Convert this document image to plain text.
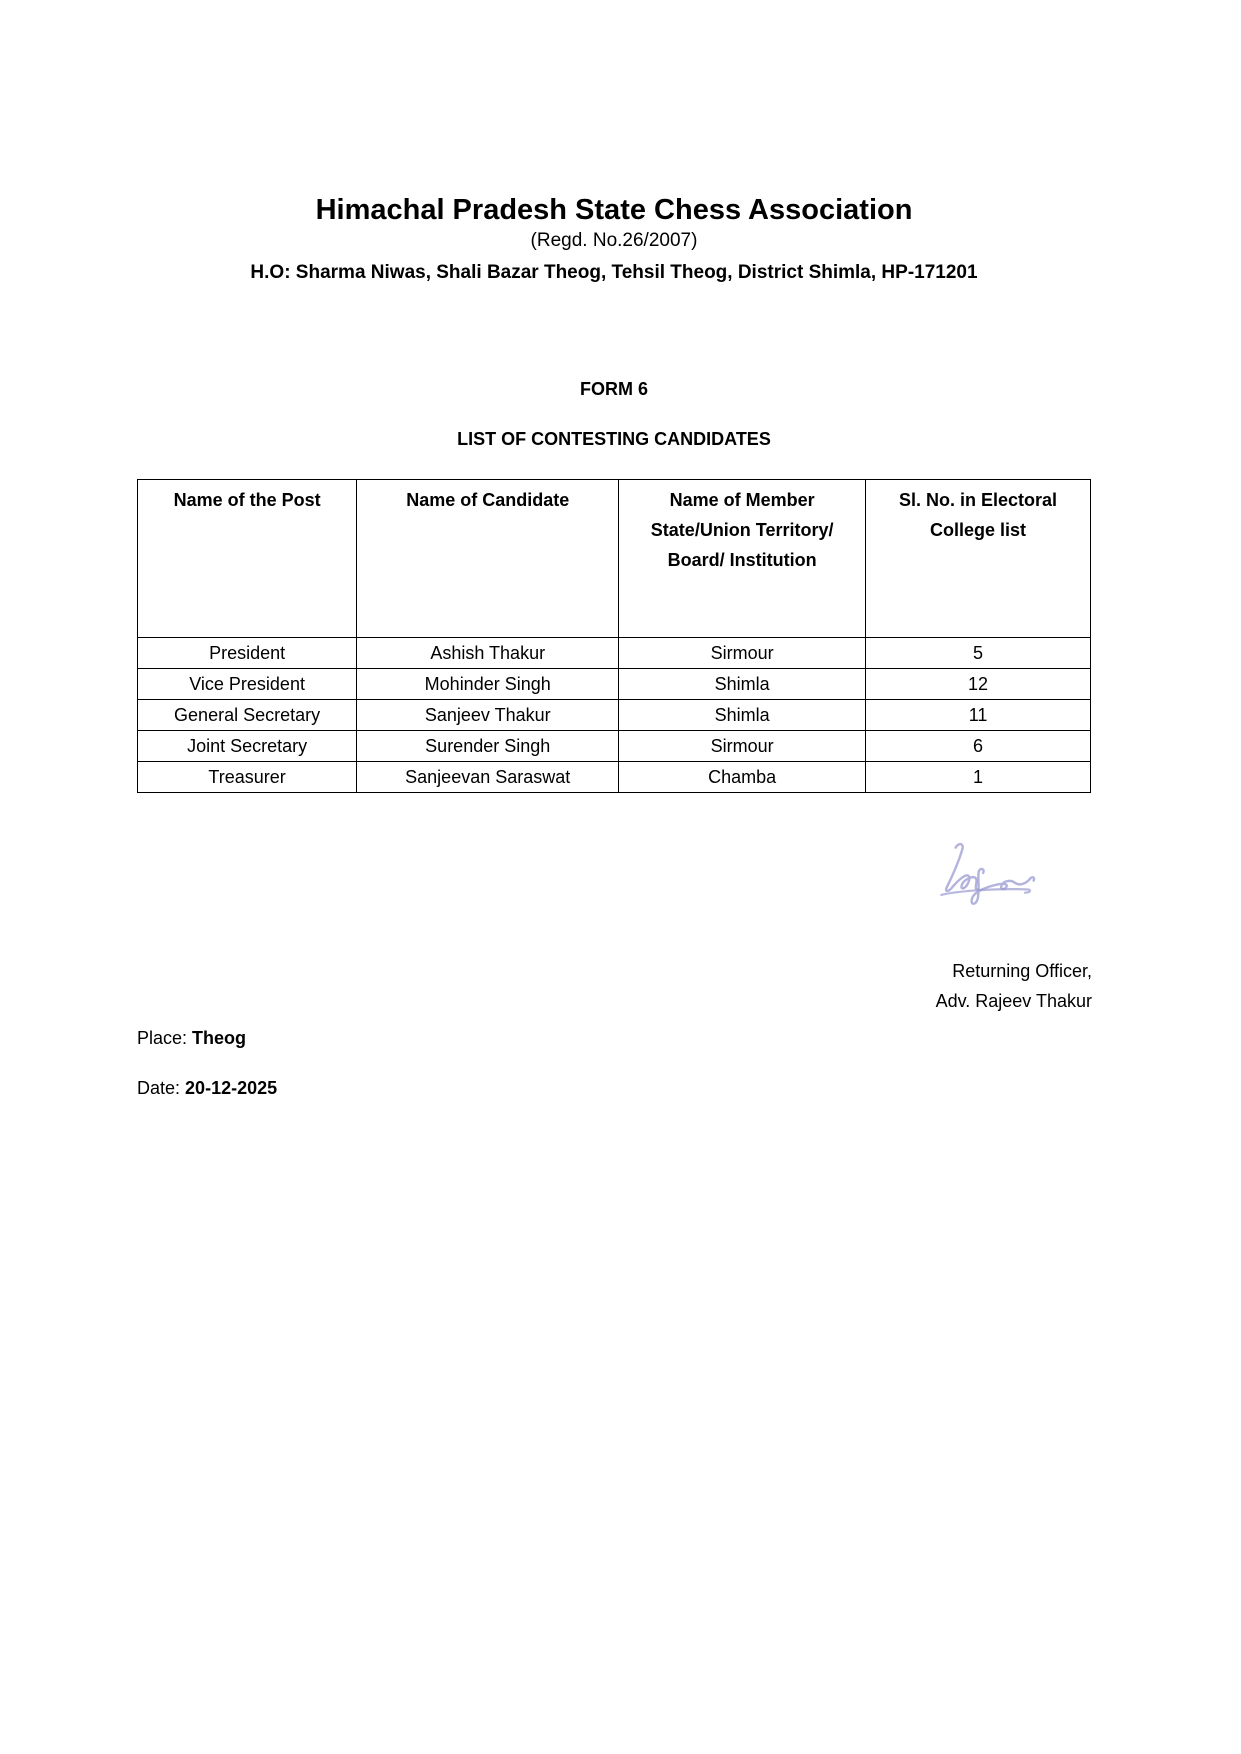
Himachal Pradesh State Chess Association
(Regd. No.26/2007)
H.O: Sharma Niwas, Shali Bazar Theog, Tehsil Theog, District Shimla, HP-171201
FORM 6
LIST OF CONTESTING CANDIDATES
Name of the Post	Name of Candidate	Name of Member State/Union Territory/ Board/ Institution	Sl. No. in Electoral College list
President	Ashish Thakur	Sirmour	5
Vice President	Mohinder Singh	Shimla	12
General Secretary	Sanjeev Thakur	Shimla	11
Joint Secretary	Surender Singh	Sirmour	6
Treasurer	Sanjeevan Saraswat	Chamba	1
Returning Officer,
Adv. Rajeev Thakur
Place: Theog
Date: 20-12-2025
